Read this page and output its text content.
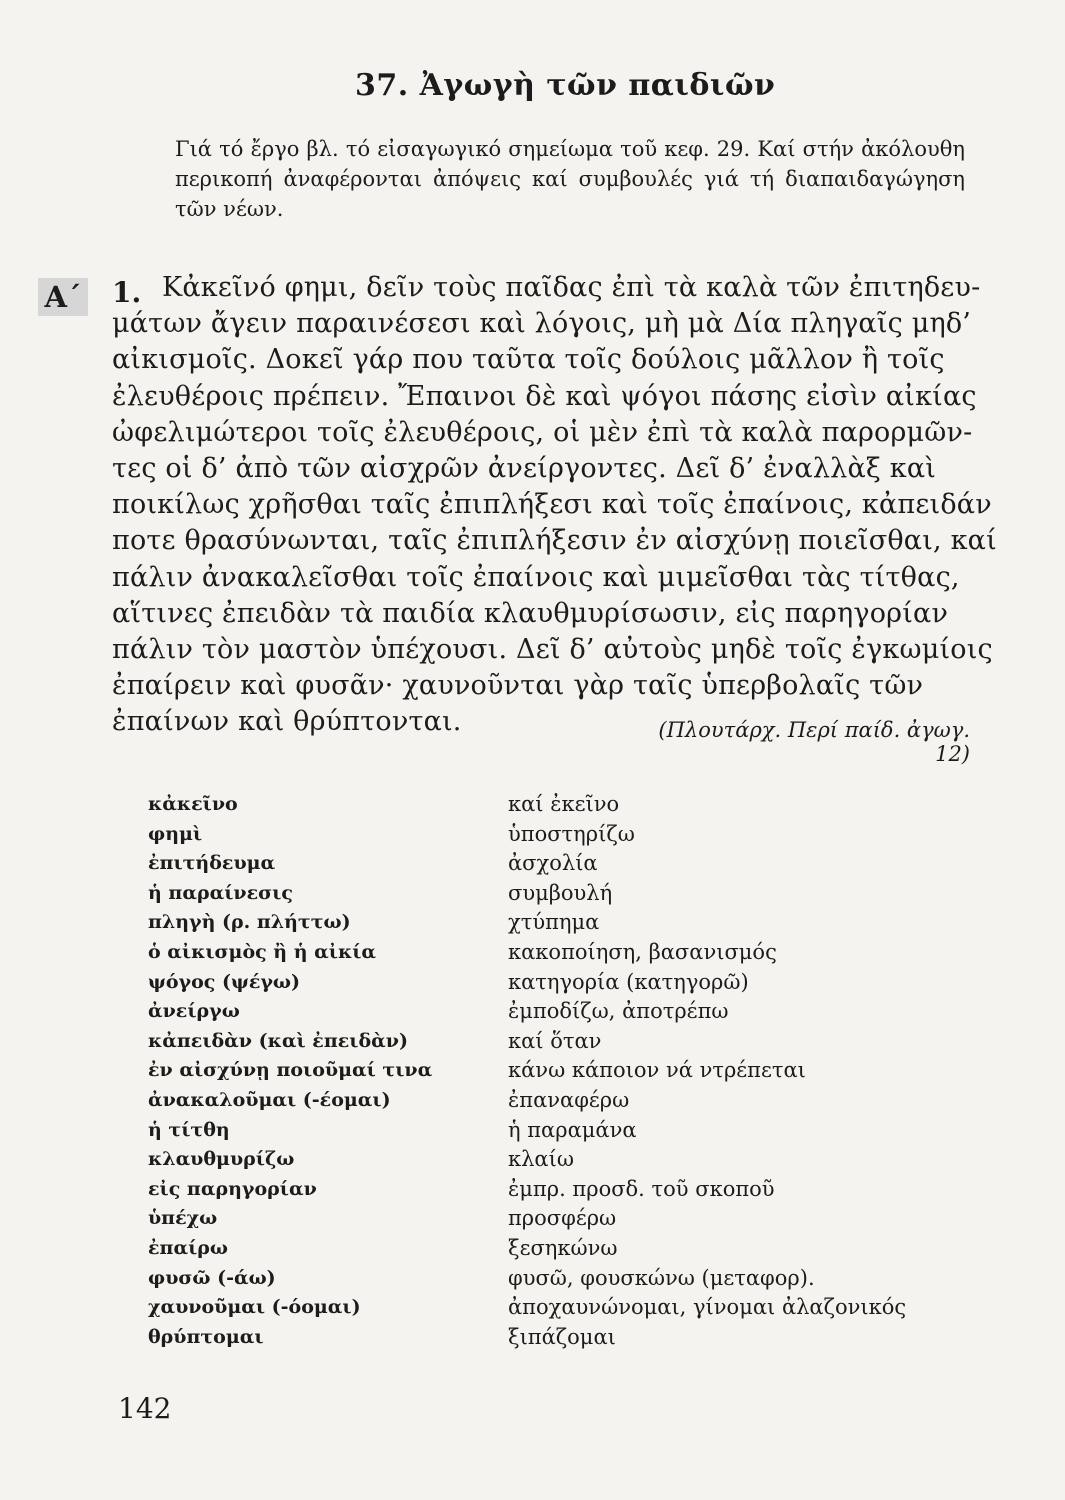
37. Ἀγωγὴ τῶν παιδιῶν
Γιά τό ἔργο βλ. τό εἰσαγωγικό σημείωμα τοῦ κεφ. 29. Καί στήν ἀκόλουθη περικοπή ἀναφέρονται ἀπόψεις καί συμβουλές γιά τή διαπαιδαγώγηση τῶν νέων.
Α΄ 1. Κἀκεῖνό φημι, δεῖν τοὺς παῖδας ἐπὶ τὰ καλὰ τῶν ἐπιτηδευ-
μάτων ἄγειν παραινέσεσι καὶ λόγοις, μὴ μὰ Δία πληγαῖς μηδ’
αἰκισμοῖς. Δοκεῖ γάρ που ταῦτα τοῖς δούλοις μᾶλλον ἢ τοῖς
ἐλευθέροις πρέπειν. Ἔπαινοι δὲ καὶ ψόγοι πάσης εἰσὶν αἰκίας
ὠφελιμώτεροι τοῖς ἐλευθέροις, οἱ μὲν ἐπὶ τὰ καλὰ παρορμῶν-
τες οἱ δ’ ἀπὸ τῶν αἰσχρῶν ἀνείργοντες. Δεῖ δ’ ἐναλλὰξ καὶ
ποικίλως χρῆσθαι ταῖς ἐπιπλήξεσι καὶ τοῖς ἐπαίνοις, κἀπειδάν
ποτε θρασύνωνται, ταῖς ἐπιπλήξεσιν ἐν αἰσχύνῃ ποιεῖσθαι, καί
πάλιν ἀνακαλεῖσθαι τοῖς ἐπαίνοις καὶ μιμεῖσθαι τὰς τίτθας,
αἵτινες ἐπειδὰν τὰ παιδία κλαυθμυρίσωσιν, εἰς παρηγορίαν
πάλιν τὸν μαστὸν ὑπέχουσι. Δεῖ δ’ αὐτοὺς μηδὲ τοῖς ἐγκωμίοις
ἐπαίρειν καὶ φυσᾶν· χαυνοῦνται γὰρ ταῖς ὑπερβολαῖς τῶν
ἐπαίνων καὶ θρύπτονται.	(Πλουτάρχ. Περί παίδ. ἀγωγ. 12)
κἀκεῖνο	καί ἐκεῖνο
φημὶ	ὑποστηρίζω
ἐπιτήδευμα	ἀσχολία
ἡ παραίνεσις	συμβουλή
πληγὴ (ρ. πλήττω)	χτύπημα
ὁ αἰκισμὸς ἢ ἡ αἰκία	κακοποίηση, βασανισμός
ψόγος (ψέγω)	κατηγορία (κατηγορῶ)
ἀνείργω	ἐμποδίζω, ἀποτρέπω
κἀπειδὰν (καὶ ἐπειδὰν)	καί ὅταν
ἐν αἰσχύνῃ ποιοῦμαί τινα	κάνω κάποιον νά ντρέπεται
ἀνακαλοῦμαι (-έομαι)	ἐπαναφέρω
ἡ τίτθη	ἡ παραμάνα
κλαυθμυρίζω	κλαίω
εἰς παρηγορίαν	ἐμπρ. προσδ. τοῦ σκοποῦ
ὑπέχω	προσφέρω
ἐπαίρω	ξεσηκώνω
φυσῶ (-άω)	φυσῶ, φουσκώνω (μεταφορ).
χαυνοῦμαι (-όομαι)	ἀποχαυνώνομαι, γίνομαι ἀλαζονικός
θρύπτομαι	ξιπάζομαι
142
